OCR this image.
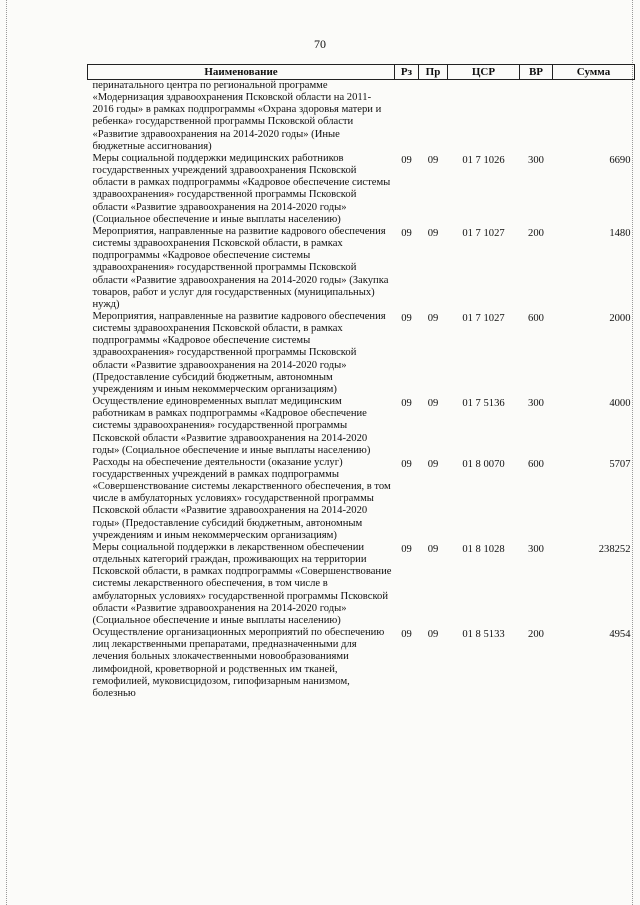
70
Наименование	Рз	Пр	ЦСР	ВР	Сумма
перинатального центра по региональной программе «Модернизация здравоохранения Псковской области на 2011-2016 годы» в рамках подпрограммы «Охрана здоровья матери и ребенка» государственной программы Псковской области «Развитие здравоохранения на 2014-2020 годы» (Иные бюджетные ассигнования)					
Меры социальной поддержки медицинских работников государственных учреждений здравоохранения Псковской области в рамках подпрограммы «Кадровое обеспечение системы здравоохранения» государственной программы Псковской области «Развитие здравоохранения на 2014-2020 годы» (Социальное обеспечение и иные выплаты населению)	09	09	01 7 1026	300	6690
Мероприятия, направленные на развитие кадрового обеспечения системы здравоохранения Псковской области, в рамках подпрограммы «Кадровое обеспечение системы здравоохранения» государственной программы Псковской области «Развитие здравоохранения на 2014-2020 годы» (Закупка товаров, работ и услуг для государственных (муниципальных) нужд)	09	09	01 7 1027	200	1480
Мероприятия, направленные на развитие кадрового обеспечения системы здравоохранения Псковской области, в рамках подпрограммы «Кадровое обеспечение системы здравоохранения» государственной программы Псковской области «Развитие здравоохранения на 2014-2020 годы» (Предоставление субсидий бюджетным, автономным учреждениям и иным некоммерческим организациям)	09	09	01 7 1027	600	2000
Осуществление единовременных выплат медицинским работникам в рамках подпрограммы «Кадровое обеспечение системы здравоохранения» государственной программы Псковской области «Развитие здравоохранения на 2014-2020 годы» (Социальное обеспечение и иные выплаты населению)	09	09	01 7 5136	300	4000
Расходы на обеспечение деятельности (оказание услуг) государственных учреждений в рамках подпрограммы «Совершенствование системы лекарственного обеспечения, в том числе в амбулаторных условиях» государственной программы Псковской области «Развитие здравоохранения на 2014-2020 годы» (Предоставление субсидий бюджетным, автономным учреждениям и иным некоммерческим организациям)	09	09	01 8 0070	600	5707
Меры социальной поддержки в лекарственном обеспечении отдельных категорий граждан, проживающих на территории Псковской области, в рамках подпрограммы «Совершенствование системы лекарственного обеспечения, в том числе в амбулаторных условиях» государственной программы Псковской области «Развитие здравоохранения на 2014-2020 годы» (Социальное обеспечение и иные выплаты населению)	09	09	01 8 1028	300	238252
Осуществление организационных мероприятий по обеспечению лиц лекарственными препаратами, предназначенными для лечения больных злокачественными новообразованиями лимфоидной, кроветворной и родственных им тканей, гемофилией, муковисцидозом, гипофизарным нанизмом, болезнью	09	09	01 8 5133	200	4954
